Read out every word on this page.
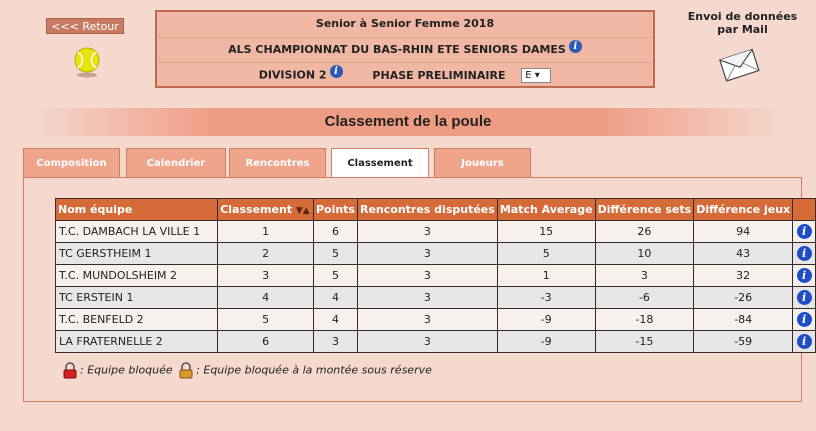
<<< Retour	Senior à Senior Femme 2018
ALS CHAMPIONNAT DU BAS-RHIN ETE SENIORS DAMES i
DIVISION 2 i	PHASE PRELIMINAIRE E ▾
Envoi de données
par Mail
Classement de la poule
Composition	Calendrier	Rencontres	Classement	Joueurs
Nom équipe	Classement ▼▲	Points	Rencontres disputées	Match Average	Différence sets	Différence jeux	
T.C. DAMBACH LA VILLE 1	1	6	3	15	26	94	i
TC GERSTHEIM 1	2	5	3	5	10	43	i
T.C. MUNDOLSHEIM 2	3	5	3	1	3	32	i
TC ERSTEIN 1	4	4	3	-3	-6	-26	i
T.C. BENFELD 2	5	4	3	-9	-18	-84	i
LA FRATERNELLE 2	6	3	3	-9	-15	-59	i
: Equipe bloquée : Equipe bloquée à la montée sous réserve
